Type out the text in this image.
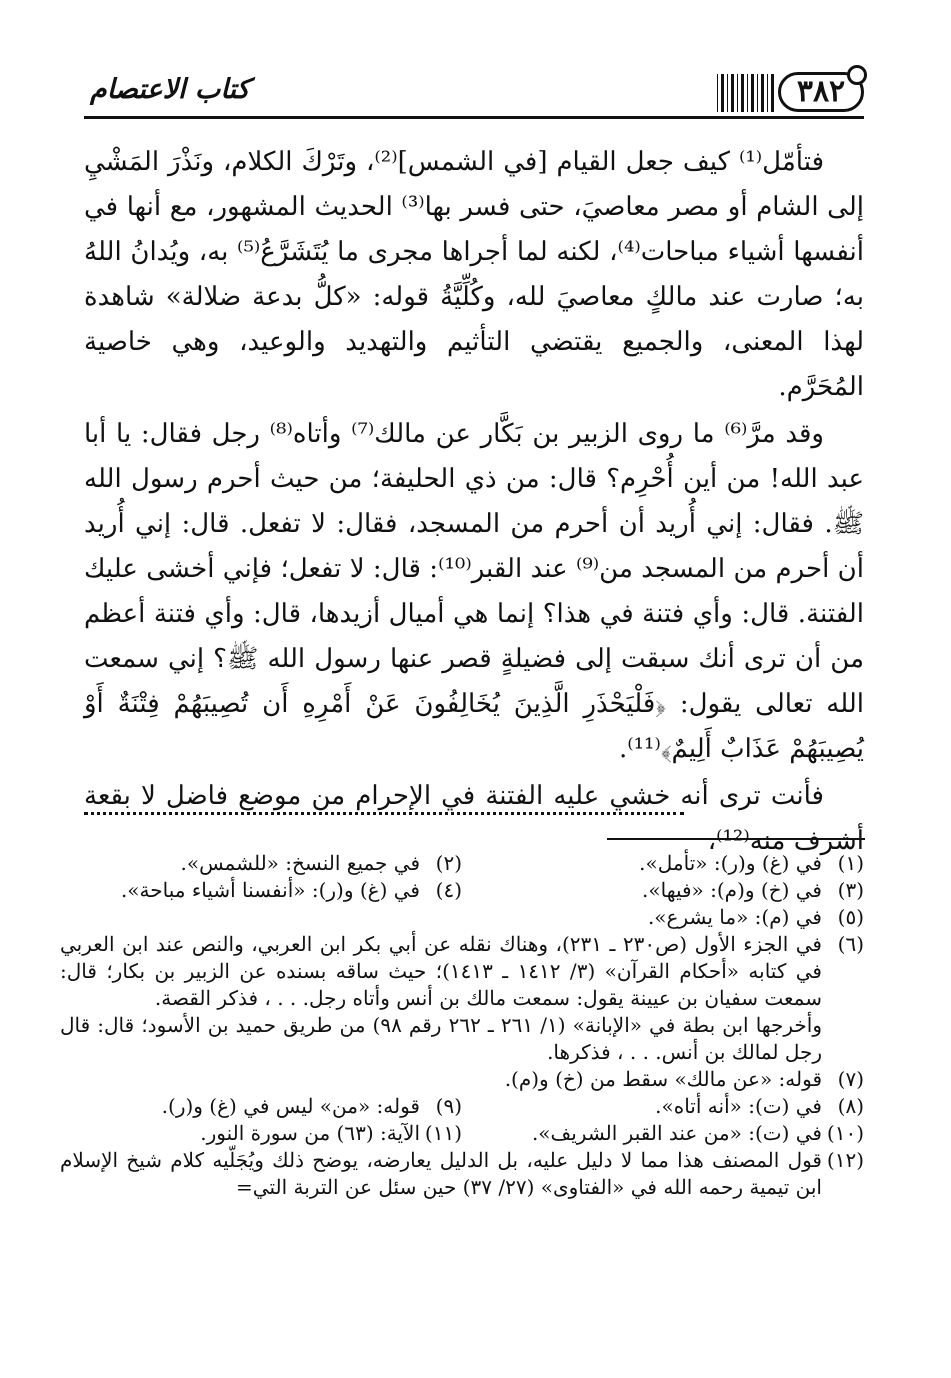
٣٨٢
كتاب الاعتصام

فتأمّل⁽¹⁾ كيف جعل القيام [في الشمس]⁽²⁾، وتَرْكَ الكلام، ونَذْرَ المَشْيِ إلى الشام أو مصر معاصيَ، حتى فسر بها⁽³⁾ الحديث المشهور، مع أنها في أنفسها أشياء مباحات⁽⁴⁾، لكنه لما أجراها مجرى ما يُتَشَرَّعُ⁽⁵⁾ به، ويُدانُ اللهُ به؛ صارت عند مالكٍ معاصيَ لله، وكُلِّيَّةُ قوله: «كلُّ بدعة ضلالة» شاهدة لهذا المعنى، والجميع يقتضي التأثيم والتهديد والوعيد، وهي خاصية المُحَرَّم.

وقد مرَّ⁽⁶⁾ ما روى الزبير بن بَكَّار عن مالك⁽⁷⁾ وأتاه⁽⁸⁾ رجل فقال: يا أبا عبد الله! من أين أُحْرِم؟ قال: من ذي الحليفة؛ من حيث أحرم رسول الله ﷺ. فقال: إني أُريد أن أحرم من المسجد، فقال: لا تفعل. قال: إني أُريد أن أحرم من المسجد من⁽⁹⁾ عند القبر⁽¹⁰⁾: قال: لا تفعل؛ فإني أخشى عليك الفتنة. قال: وأي فتنة في هذا؟ إنما هي أميال أزيدها، قال: وأي فتنة أعظم من أن ترى أنك سبقت إلى فضيلةٍ قصر عنها رسول الله ﷺ؟ إني سمعت الله تعالى يقول: ﴿فَلْيَحْذَرِ الَّذِينَ يُخَالِفُونَ عَنْ أَمْرِهِ أَن تُصِيبَهُمْ فِتْنَةٌ أَوْ يُصِيبَهُمْ عَذَابٌ أَلِيمٌ﴾⁽¹¹⁾.

فأنت ترى أنه خشي عليه الفتنة في الإحرام من موضع فاضل لا بقعة أشرف منه⁽¹²⁾،

(١)
في (غ) و(ر): «تأمل».
(٢)
في جميع النسخ: «للشمس».
(٣)
في (خ) و(م): «فيها».
(٤)
في (غ) و(ر): «أنفسنا أشياء مباحة».
(٥)
في (م): «ما يشرع».
(٦)
في الجزء الأول (ص٢٣٠ ـ ٢٣١)، وهناك نقله عن أبي بكر ابن العربي، والنص عند ابن العربي في كتابه «أحكام القرآن» (٣/ ١٤١٢ ـ ١٤١٣)؛ حيث ساقه بسنده عن الزبير بن بكار؛ قال: سمعت سفيان بن عيينة يقول: سمعت مالك بن أنس وأتاه رجل. . . ، فذكر القصة.
وأخرجها ابن بطة في «الإبانة» (١/ ٢٦١ ـ ٢٦٢ رقم ٩٨) من طريق حميد بن الأسود؛ قال: قال رجل لمالك بن أنس. . . ، فذكرها.
(٧)
قوله: «عن مالك» سقط من (خ) و(م).
(٨)
في (ت): «أنه أتاه».
(٩)
قوله: «من» ليس في (غ) و(ر).
(١٠)
في (ت): «من عند القبر الشريف».
(١١)
الآية: (٦٣) من سورة النور.
(١٢)
قول المصنف هذا مما لا دليل عليه، بل الدليل يعارضه، يوضح ذلك ويُجَلّيه كلام شيخ الإسلام ابن تيمية رحمه الله في «الفتاوى» (٢٧/ ٣٧) حين سئل عن التربة التي=
